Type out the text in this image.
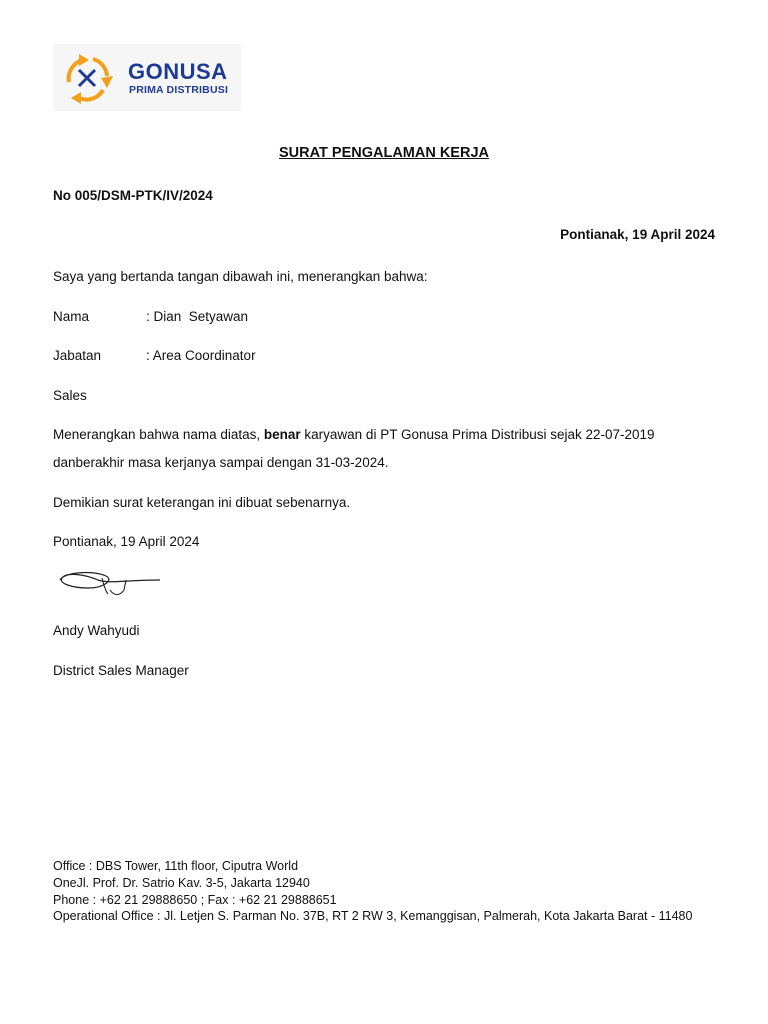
GONUSA
PRIMA DISTRIBUSI
SURAT PENGALAMAN KERJA
No 005/DSM-PTK/IV/2024
Pontianak, 19 April 2024
Saya yang bertanda tangan dibawah ini, menerangkan bahwa:
Nama	: Dian  Setyawan
Jabatan	: Area Coordinator
Sales
Menerangkan bahwa nama diatas, benar karyawan di PT Gonusa Prima Distribusi sejak 22-07-2019
danberakhir masa kerjanya sampai dengan 31-03-2024.
Demikian surat keterangan ini dibuat sebenarnya.
Pontianak, 19 April 2024
Andy Wahyudi
District Sales Manager
Office : DBS Tower, 11th floor, Ciputra World
OneJl. Prof. Dr. Satrio Kav. 3-5, Jakarta 12940
Phone : +62 21 29888650 ; Fax : +62 21 29888651
Operational Office : Jl. Letjen S. Parman No. 37B, RT 2 RW 3, Kemanggisan, Palmerah, Kota Jakarta Barat - 11480
